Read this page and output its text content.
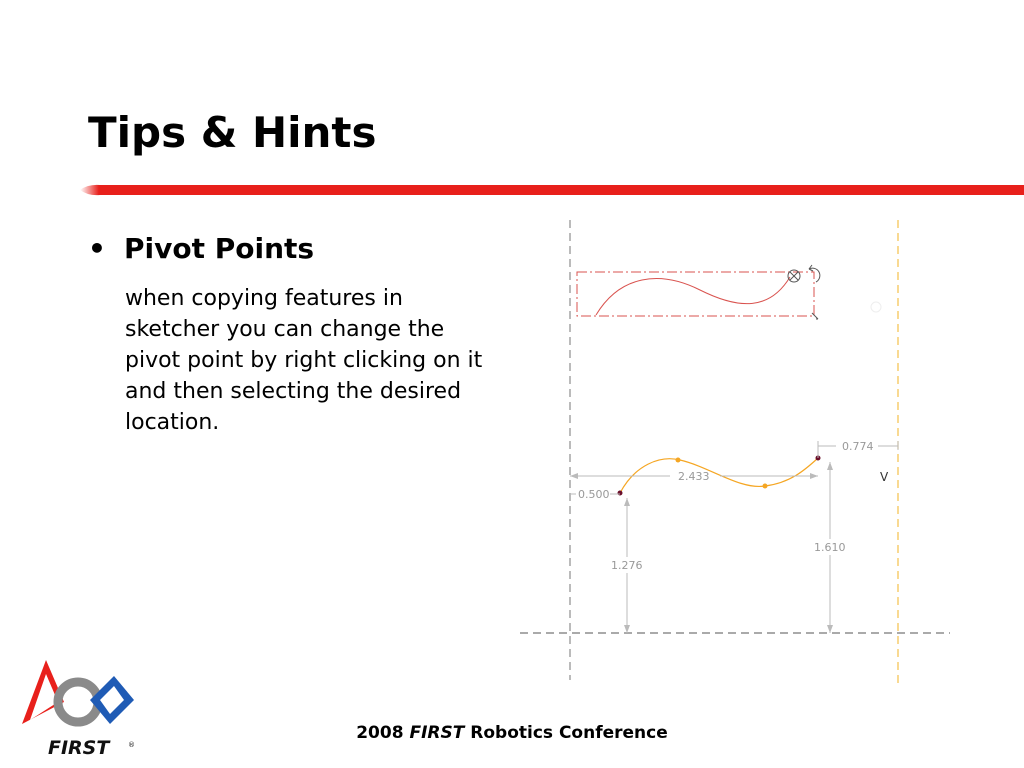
Tips & Hints
• Pivot Points
when copying features in sketcher you can change the pivot point by right clicking on it and then selecting the desired location.
0.774
2.433
0.500
1.276
1.610
V
FIRST	®
2008 FIRST Robotics Conference
